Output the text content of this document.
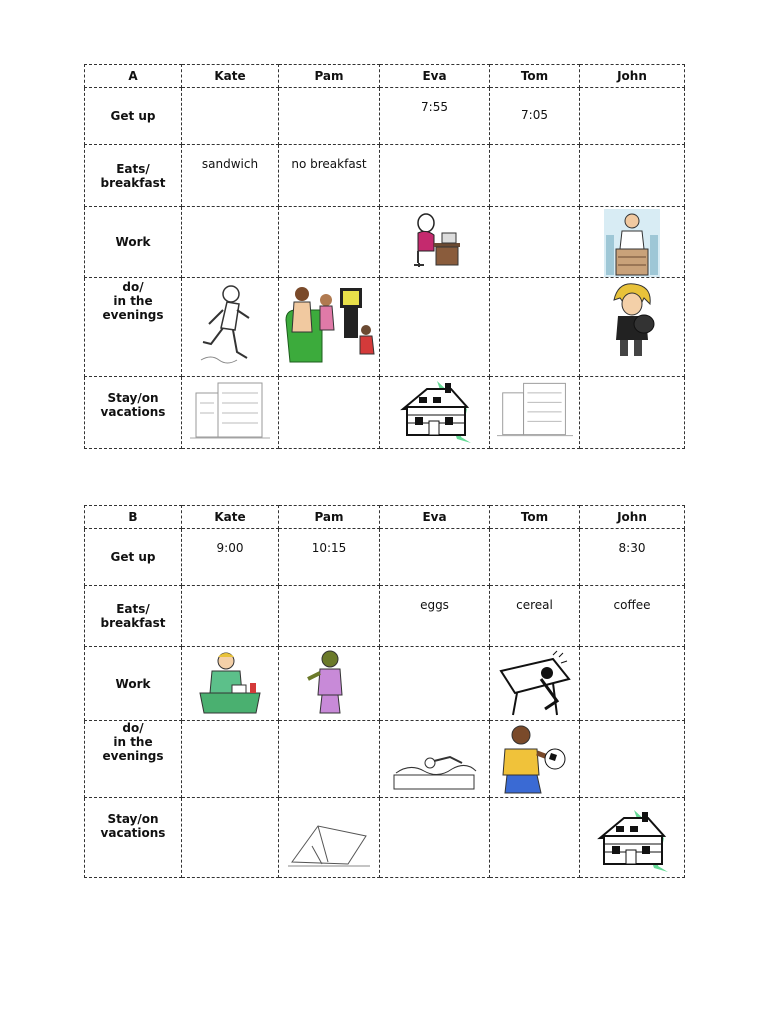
A	Kate	Pam	Eva	Tom	John
Get up			7:55	7:05	

Eats/
breakfast	sandwich	no breakfast			

Work			

do/
in the
evenings	

Stay/on
vacations	

B	Kate	Pam	Eva	Tom	John
Get up	9:00	10:15			8:30

Eats/
breakfast			eggs	cereal	coffee

Work	

do/
in the
evenings			

Stay/on
vacations		
